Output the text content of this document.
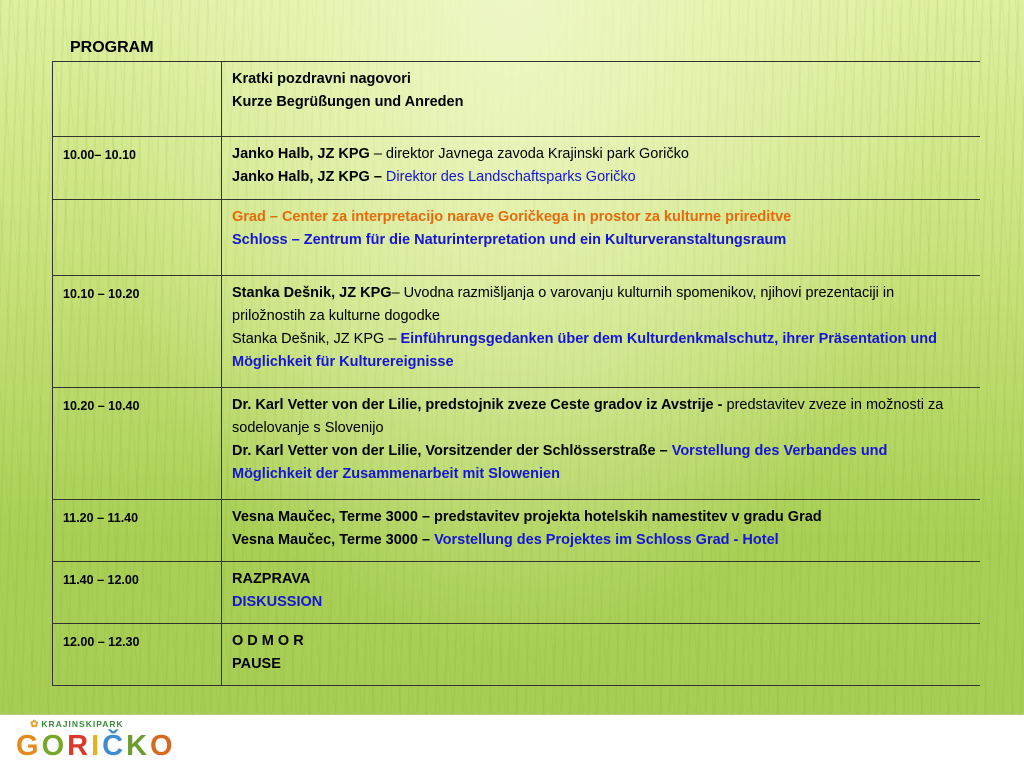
PROGRAM

	Kratki pozdravni nagovori
Kurze Begrüßungen und Anreden

10.00– 10.10	Janko Halb, JZ KPG – direktor Javnega zavoda Krajinski park Goričko
Janko Halb, JZ KPG – Direktor des Landschaftsparks Goričko

	Grad – Center za interpretacijo narave Goričkega in prostor za kulturne prireditve
Schloss – Zentrum für die Naturinterpretation und ein Kulturveranstaltungsraum

10.10 – 10.20	Stanka Dešnik, JZ KPG– Uvodna razmišljanja o varovanju kulturnih spomenikov, njihovi prezentaciji in priložnostih za kulturne dogodke
Stanka Dešnik, JZ KPG – Einführungsgedanken über dem Kulturdenkmalschutz, ihrer Präsentation und Möglichkeit für Kulturereignisse

10.20 – 10.40	Dr. Karl Vetter von der Lilie, predstojnik zveze Ceste gradov iz Avstrije - predstavitev zveze in možnosti za sodelovanje s Slovenijo
Dr. Karl Vetter von der Lilie, Vorsitzender der Schlösserstraße – Vorstellung des Verbandes und Möglichkeit der Zusammenarbeit mit Slowenien

11.20 – 11.40	Vesna Maučec, Terme 3000 – predstavitev projekta hotelskih namestitev v gradu Grad
Vesna Maučec, Terme 3000 – Vorstellung des Projektes im Schloss Grad - Hotel

11.40 – 12.00	RAZPRAVA
DISKUSSION

12.00 – 12.30	O D M O R
PAUSE
✿ KRAJINSKIPARK
GORIČKO
